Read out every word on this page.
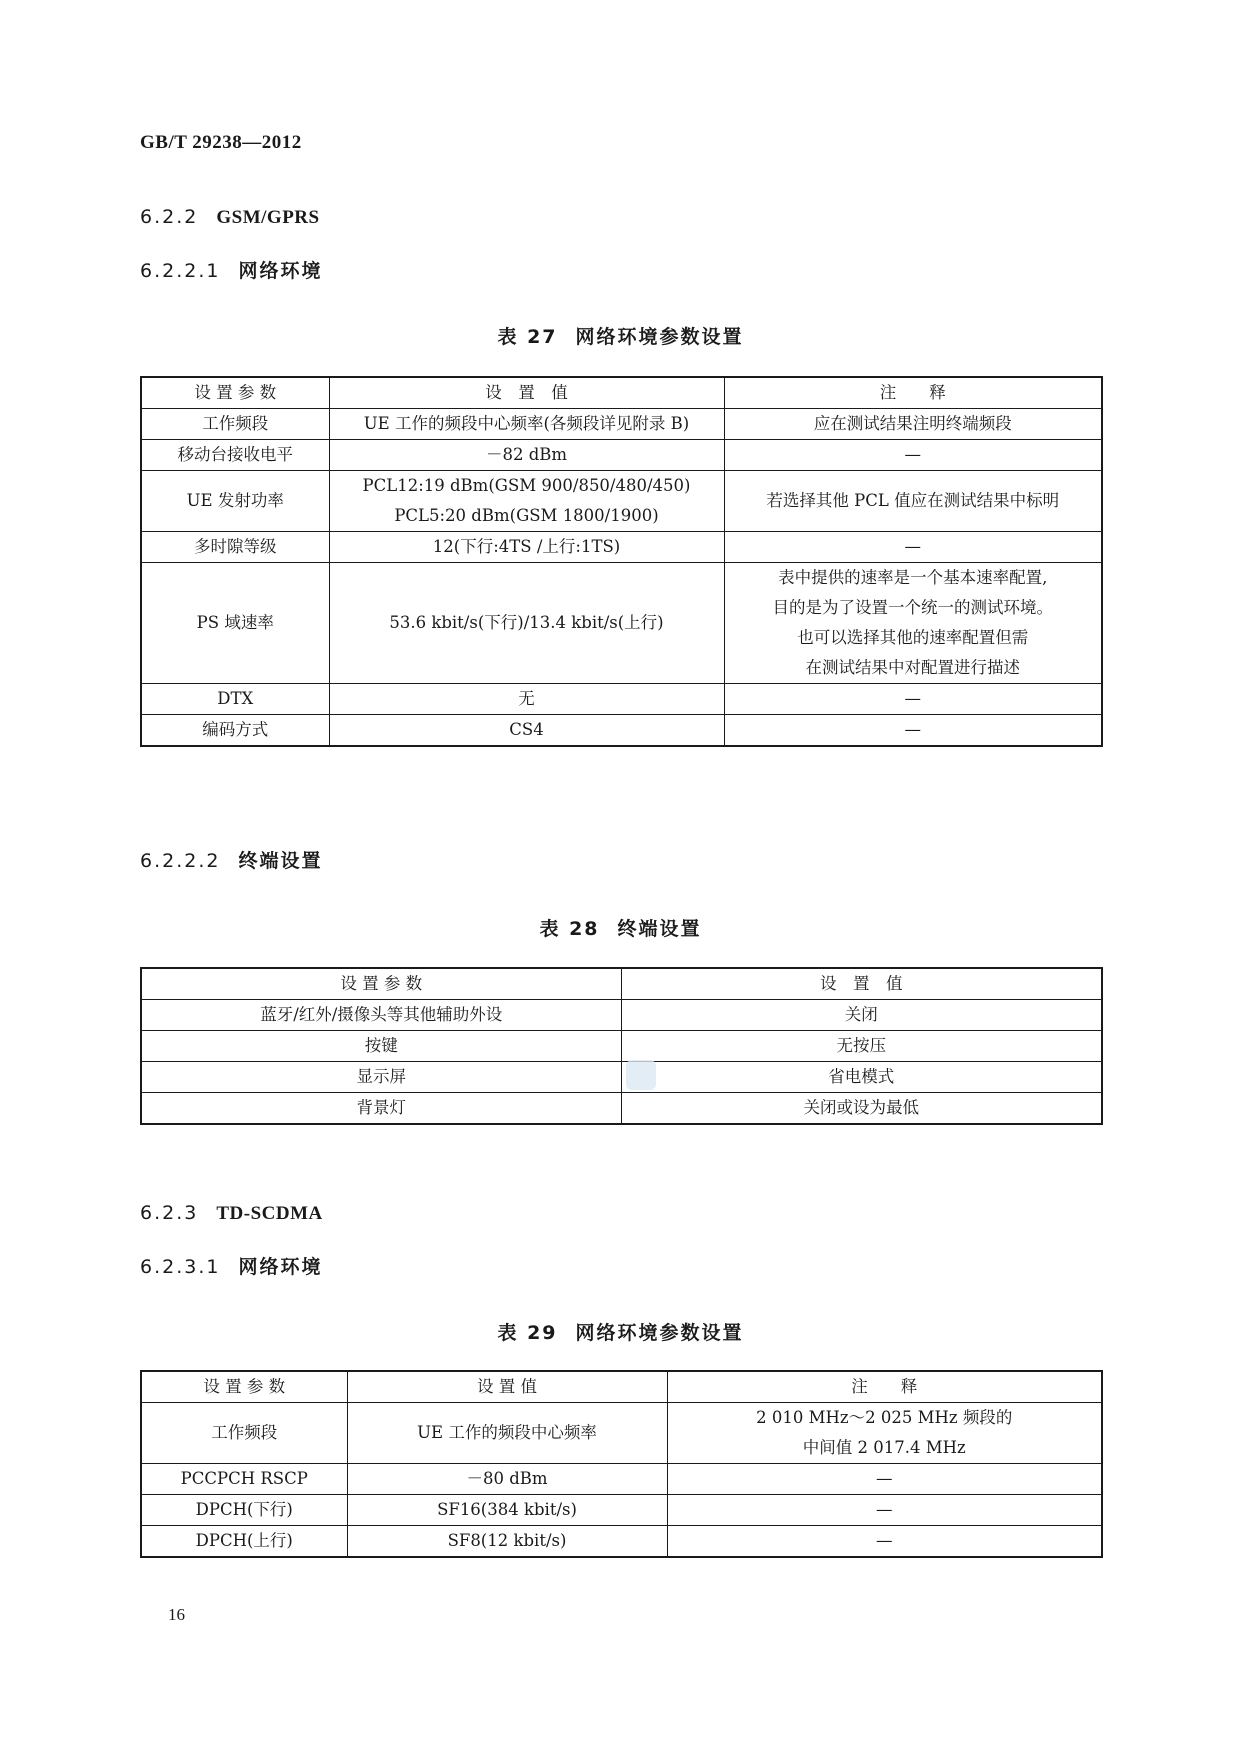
GB/T 29238—2012
6.2.2 GSM/GPRS
6.2.2.1 网络环境
表 27 网络环境参数设置
设 置 参 数	设　置　值	注　　释

工作频段	UE 工作的频段中心频率(各频段详见附录 B)	应在测试结果注明终端频段

移动台接收电平	－82 dBm	—

UE 发射功率	PCL12:19 dBm(GSM 900/850/480/450)
PCL5:20 dBm(GSM 1800/1900)	若选择其他 PCL 值应在测试结果中标明

多时隙等级	12(下行:4TS /上行:1TS)	—

PS 域速率	53.6 kbit/s(下行)/13.4 kbit/s(上行)	表中提供的速率是一个基本速率配置,
目的是为了设置一个统一的测试环境。
也可以选择其他的速率配置但需
在测试结果中对配置进行描述

DTX	无	—

编码方式	CS4	—
6.2.2.2 终端设置
表 28 终端设置
设 置 参 数	设　置　值

蓝牙/红外/摄像头等其他辅助外设	关闭

按键	无按压

显示屏	省电模式

背景灯	关闭或设为最低
6.2.3 TD-SCDMA
6.2.3.1 网络环境
表 29 网络环境参数设置
设 置 参 数	设 置 值	注　　释

工作频段	UE 工作的频段中心频率	2 010 MHz～2 025 MHz 频段的
中间值 2 017.4 MHz

PCCPCH RSCP	－80 dBm	—

DPCH(下行)	SF16(384 kbit/s)	—

DPCH(上行)	SF8(12 kbit/s)	—
16
